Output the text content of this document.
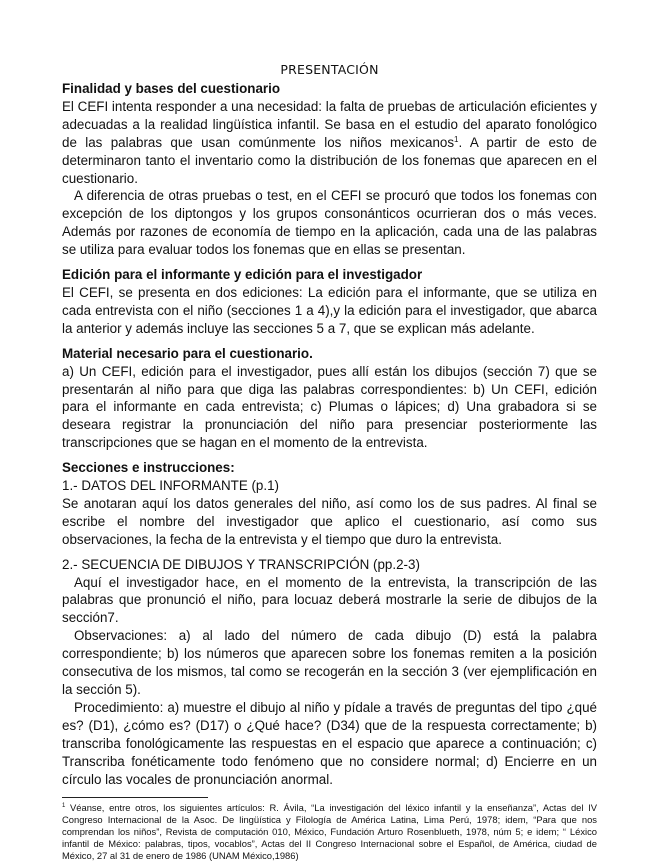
PRESENTACIÓN
Finalidad y bases del cuestionario

El CEFI intenta responder a una necesidad: la falta de pruebas de articulación eficientes y adecuadas a la realidad lingüística infantil. Se basa en el estudio del aparato fonológico de las palabras que usan comúnmente los niños mexicanos$^1$. A partir de esto de determinaron tanto el inventario como la distribución de los fonemas que aparecen en el cuestionario.

A diferencia de otras pruebas o test, en el CEFI se procuró que todos los fonemas con excepción de los diptongos y los grupos consonánticos ocurrieran dos o más veces. Además por razones de economía de tiempo en la aplicación, cada una de las palabras se utiliza para evaluar todos los fonemas que en ellas se presentan.

Edición para el informante y edición para el investigador

El CEFI, se presenta en dos ediciones: La edición para el informante, que se utiliza en cada entrevista con el niño (secciones 1 a 4),y la edición para el investigador, que abarca la anterior y además incluye las secciones 5 a 7, que se explican más adelante.

Material necesario para el cuestionario.

a) Un CEFI, edición para el investigador, pues allí están los dibujos (sección 7) que se presentarán al niño para que diga las palabras correspondientes: b) Un CEFI, edición para el informante en cada entrevista; c) Plumas o lápices; d) Una grabadora si se deseara registrar la pronunciación del niño para presenciar posteriormente las transcripciones que se hagan en el momento de la entrevista.

Secciones e instrucciones:

1.- DATOS DEL INFORMANTE (p.1)

Se anotaran aquí los datos generales del niño, así como los de sus padres. Al final se escribe el nombre del investigador que aplico el cuestionario, así como sus observaciones, la fecha de la entrevista y el tiempo que duro la entrevista.

2.- SECUENCIA DE DIBUJOS Y TRANSCRIPCIÓN (pp.2-3)

Aquí el investigador hace, en el momento de la entrevista, la transcripción de las palabras que pronunció el niño, para locuaz deberá mostrarle la serie de dibujos de la sección7.

Observaciones: a) al lado del número de cada dibujo (D) está la palabra correspondiente; b) los números que aparecen sobre los fonemas remiten a la posición consecutiva de los mismos, tal como se recogerán en la sección 3 (ver ejemplificación en la sección 5).

Procedimiento: a) muestre el dibujo al niño y pídale a través de preguntas del tipo ¿qué es? (D1), ¿cómo es? (D17) o ¿Qué hace? (D34) que de la respuesta correctamente; b) transcriba fonológicamente las respuestas en el espacio que aparece a continuación; c) Transcriba fonéticamente todo fenómeno que no considere normal; d) Encierre en un círculo las vocales de pronunciación anormal.

$^1$ Véanse, entre otros, los siguientes artículos: R. Ávila, “La investigación del léxico infantil y la enseñanza”, Actas del IV Congreso Internacional de la Asoc. De lingüística y Filología de América Latina, Lima Perú, 1978; idem, “Para que nos comprendan los niños”, Revista de computación 010, México, Fundación Arturo Rosenblueth, 1978, núm 5; e idem; “ Léxico infantil de México: palabras, tipos, vocablos”, Actas del II Congreso Internacional sobre el Español, de América, ciudad de México, 27 al 31 de enero de 1986 (UNAM México,1986)
